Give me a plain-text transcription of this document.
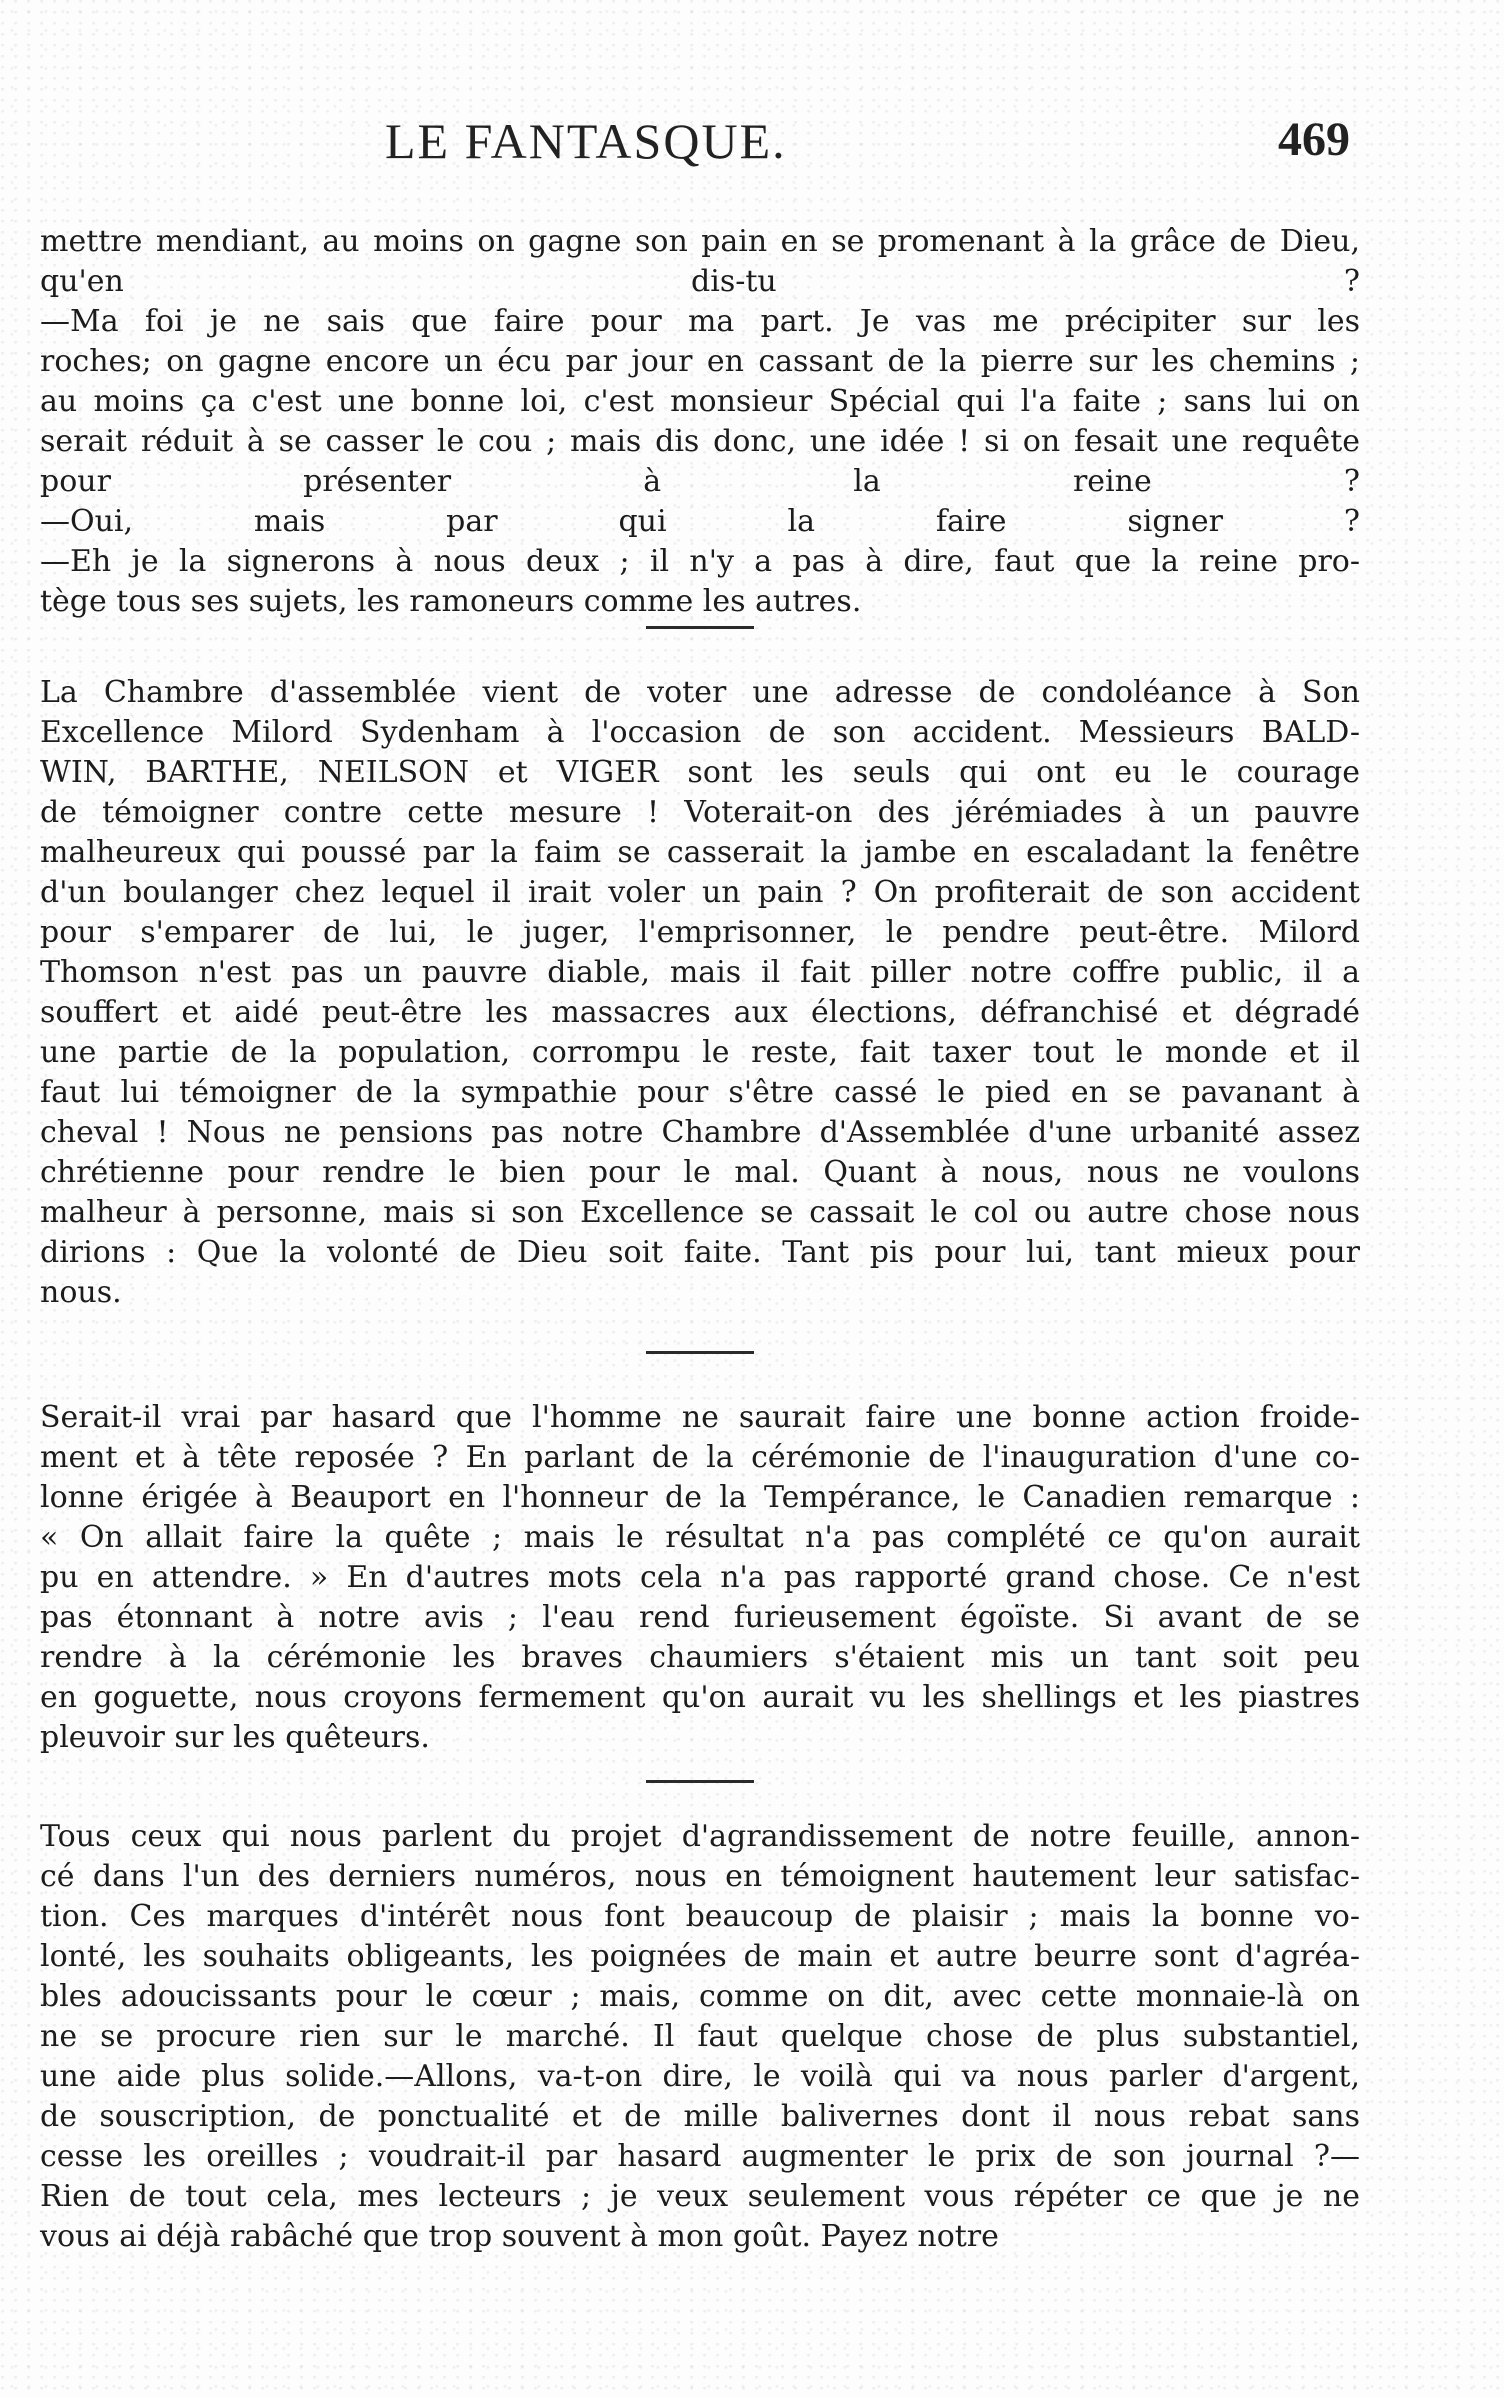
LE FANTASQUE.	469
mettre mendiant, au moins on gagne son pain en se promenant à la grâce de Dieu,
qu'en dis-tu ?
—Ma foi je ne sais que faire pour ma part. Je vas me précipiter sur les
roches; on gagne encore un écu par jour en cassant de la pierre sur les chemins ;
au moins ça c'est une bonne loi, c'est monsieur Spécial qui l'a faite ; sans lui on
serait réduit à se casser le cou ; mais dis donc, une idée ! si on fesait une requête
pour présenter à la reine ?
—Oui, mais par qui la faire signer ?
—Eh je la signerons à nous deux ; il n'y a pas à dire, faut que la reine pro-
tège tous ses sujets, les ramoneurs comme les autres.
La Chambre d'assemblée vient de voter une adresse de condoléance à Son
Excellence Milord Sydenham à l'occasion de son accident. Messieurs BALD-
WIN, BARTHE, NEILSON et VIGER sont les seuls qui ont eu le courage
de témoigner contre cette mesure ! Voterait-on des jérémiades à un pauvre
malheureux qui poussé par la faim se casserait la jambe en escaladant la fenêtre
d'un boulanger chez lequel il irait voler un pain ? On profiterait de son accident
pour s'emparer de lui, le juger, l'emprisonner, le pendre peut-être. Milord
Thomson n'est pas un pauvre diable, mais il fait piller notre coffre public, il a
souffert et aidé peut-être les massacres aux élections, défranchisé et dégradé
une partie de la population, corrompu le reste, fait taxer tout le monde et il
faut lui témoigner de la sympathie pour s'être cassé le pied en se pavanant à
cheval ! Nous ne pensions pas notre Chambre d'Assemblée d'une urbanité assez
chrétienne pour rendre le bien pour le mal. Quant à nous, nous ne voulons
malheur à personne, mais si son Excellence se cassait le col ou autre chose nous
dirions : Que la volonté de Dieu soit faite. Tant pis pour lui, tant mieux pour
nous.
Serait-il vrai par hasard que l'homme ne saurait faire une bonne action froide-
ment et à tête reposée ? En parlant de la cérémonie de l'inauguration d'une co-
lonne érigée à Beauport en l'honneur de la Tempérance, le Canadien remarque :
« On allait faire la quête ; mais le résultat n'a pas complété ce qu'on aurait
pu en attendre. » En d'autres mots cela n'a pas rapporté grand chose. Ce n'est
pas étonnant à notre avis ; l'eau rend furieusement égoïste. Si avant de se
rendre à la cérémonie les braves chaumiers s'étaient mis un tant soit peu
en goguette, nous croyons fermement qu'on aurait vu les shellings et les piastres
pleuvoir sur les quêteurs.
Tous ceux qui nous parlent du projet d'agrandissement de notre feuille, annon-
cé dans l'un des derniers numéros, nous en témoignent hautement leur satisfac-
tion. Ces marques d'intérêt nous font beaucoup de plaisir ; mais la bonne vo-
lonté, les souhaits obligeants, les poignées de main et autre beurre sont d'agréa-
bles adoucissants pour le cœur ; mais, comme on dit, avec cette monnaie-là on
ne se procure rien sur le marché. Il faut quelque chose de plus substantiel,
une aide plus solide.—Allons, va-t-on dire, le voilà qui va nous parler d'argent,
de souscription, de ponctualité et de mille balivernes dont il nous rebat sans
cesse les oreilles ; voudrait-il par hasard augmenter le prix de son journal ?—
Rien de tout cela, mes lecteurs ; je veux seulement vous répéter ce que je ne
vous ai déjà rabâché que trop souvent à mon goût. Payez notre
